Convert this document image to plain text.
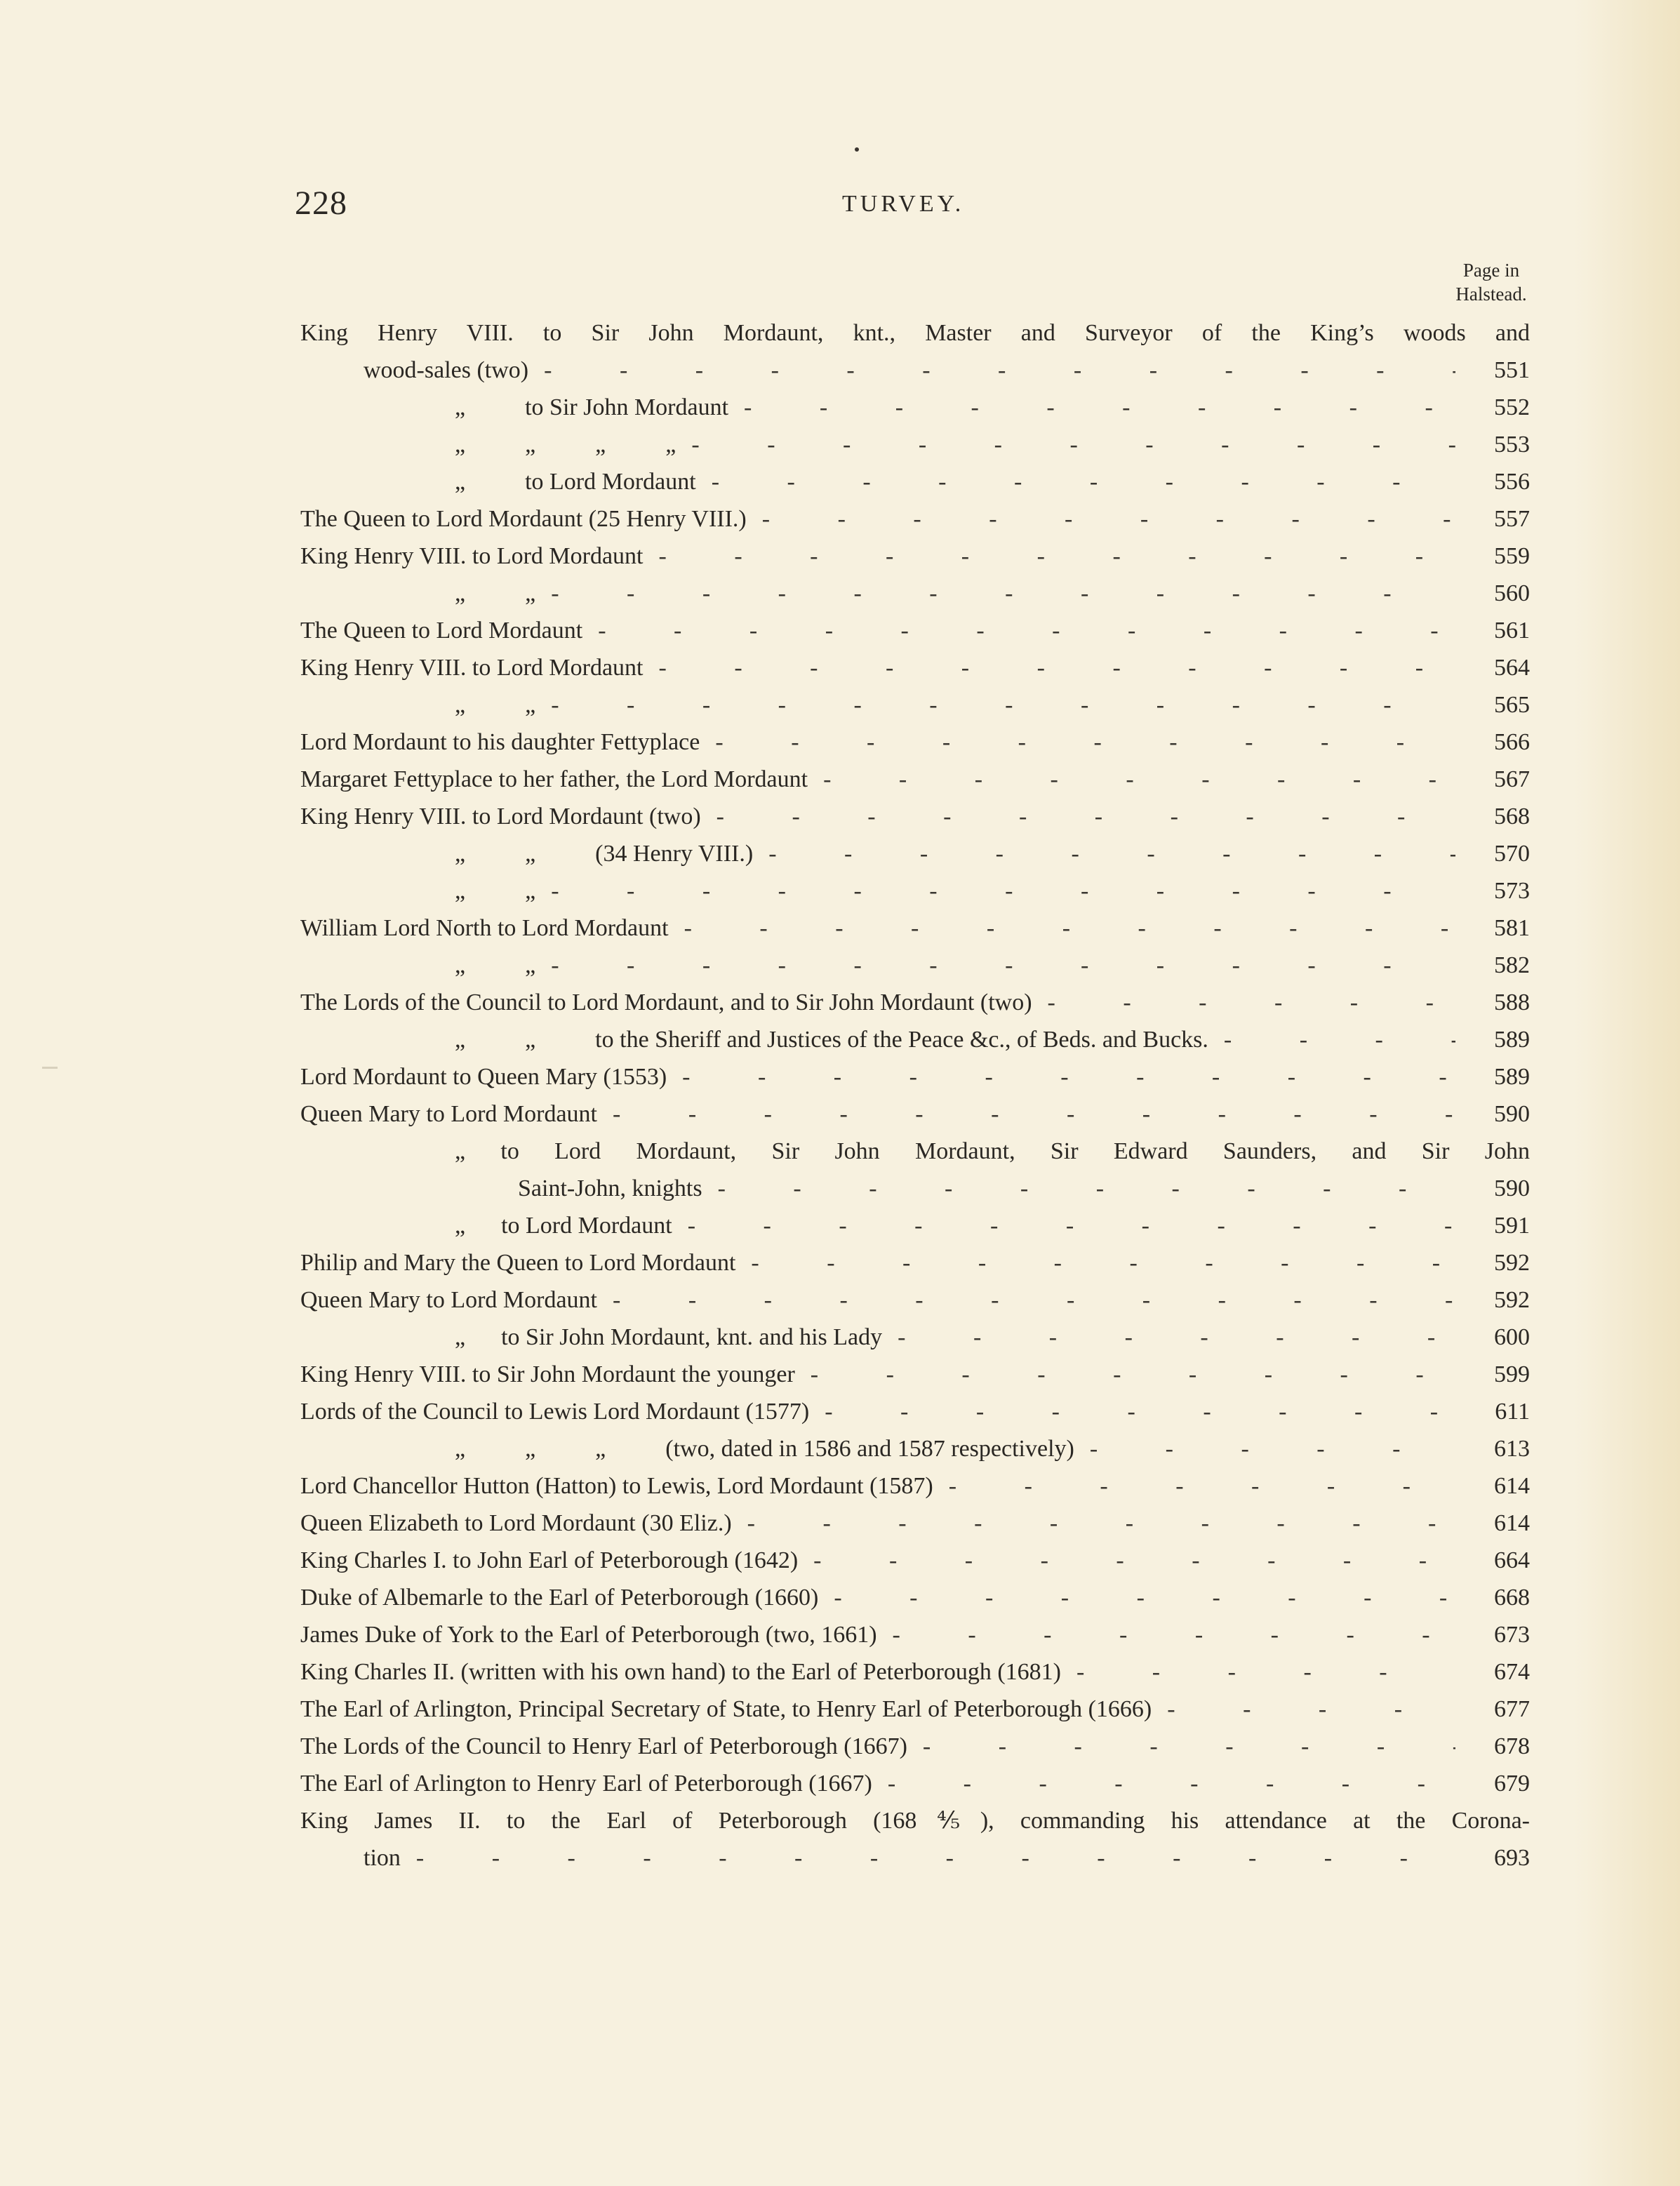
228	TURVEY.
Page in
Halstead.
King Henry VIII. to Sir John Mordaunt, knt., Master and Surveyor of the King’s woods and
wood-sales (two) - - -	551
„          to Sir John Mordaunt - - -	552
„          „          „          „ - - -	553
„          to Lord Mordaunt - - -	556
The Queen to Lord Mordaunt (25 Henry VIII.) - - -	557
King Henry VIII. to Lord Mordaunt - - -	559
„          „ - - -	560
The Queen to Lord Mordaunt - - -	561
King Henry VIII. to Lord Mordaunt - - -	564
„          „ - - -	565
Lord Mordaunt to his daughter Fettyplace - - -	566
Margaret Fettyplace to her father, the Lord Mordaunt - - -	567
King Henry VIII. to Lord Mordaunt (two) - - -	568
„          „          (34 Henry VIII.) - - -	570
„          „ - - -	573
William Lord North to Lord Mordaunt - - -	581
„          „ - - -	582
The Lords of the Council to Lord Mordaunt, and to Sir John Mordaunt (two) - - -	588
„          „          to the Sheriff and Justices of the Peace &c., of Beds. and Bucks. - - -	589
Lord Mordaunt to Queen Mary (1553) - - -	589
Queen Mary to Lord Mordaunt - - -	590
„ to Lord Mordaunt, Sir John Mordaunt, Sir Edward Saunders, and Sir John
Saint-John, knights - - -	590
„      to Lord Mordaunt - - -	591
Philip and Mary the Queen to Lord Mordaunt - - -	592
Queen Mary to Lord Mordaunt - - -	592
„      to Sir John Mordaunt, knt. and his Lady - - -	600
King Henry VIII. to Sir John Mordaunt the younger - - -	599
Lords of the Council to Lewis Lord Mordaunt (1577) - - -	611
„          „          „          (two, dated in 1586 and 1587 respectively) - - -	613
Lord Chancellor Hutton (Hatton) to Lewis, Lord Mordaunt (1587) - - -	614
Queen Elizabeth to Lord Mordaunt (30 Eliz.) - - -	614
King Charles I. to John Earl of Peterborough (1642) - - -	664
Duke of Albemarle to the Earl of Peterborough (1660) - - -	668
James Duke of York to the Earl of Peterborough (two, 1661) - - -	673
King Charles II. (written with his own hand) to the Earl of Peterborough (1681) - - -	674
The Earl of Arlington, Principal Secretary of State, to Henry Earl of Peterborough (1666) - - -	677
The Lords of the Council to Henry Earl of Peterborough (1667) - - -	678
The Earl of Arlington to Henry Earl of Peterborough (1667) - - -	679
King James II. to the Earl of Peterborough (168⅘), commanding his attendance at the Corona-
tion - - -	693
